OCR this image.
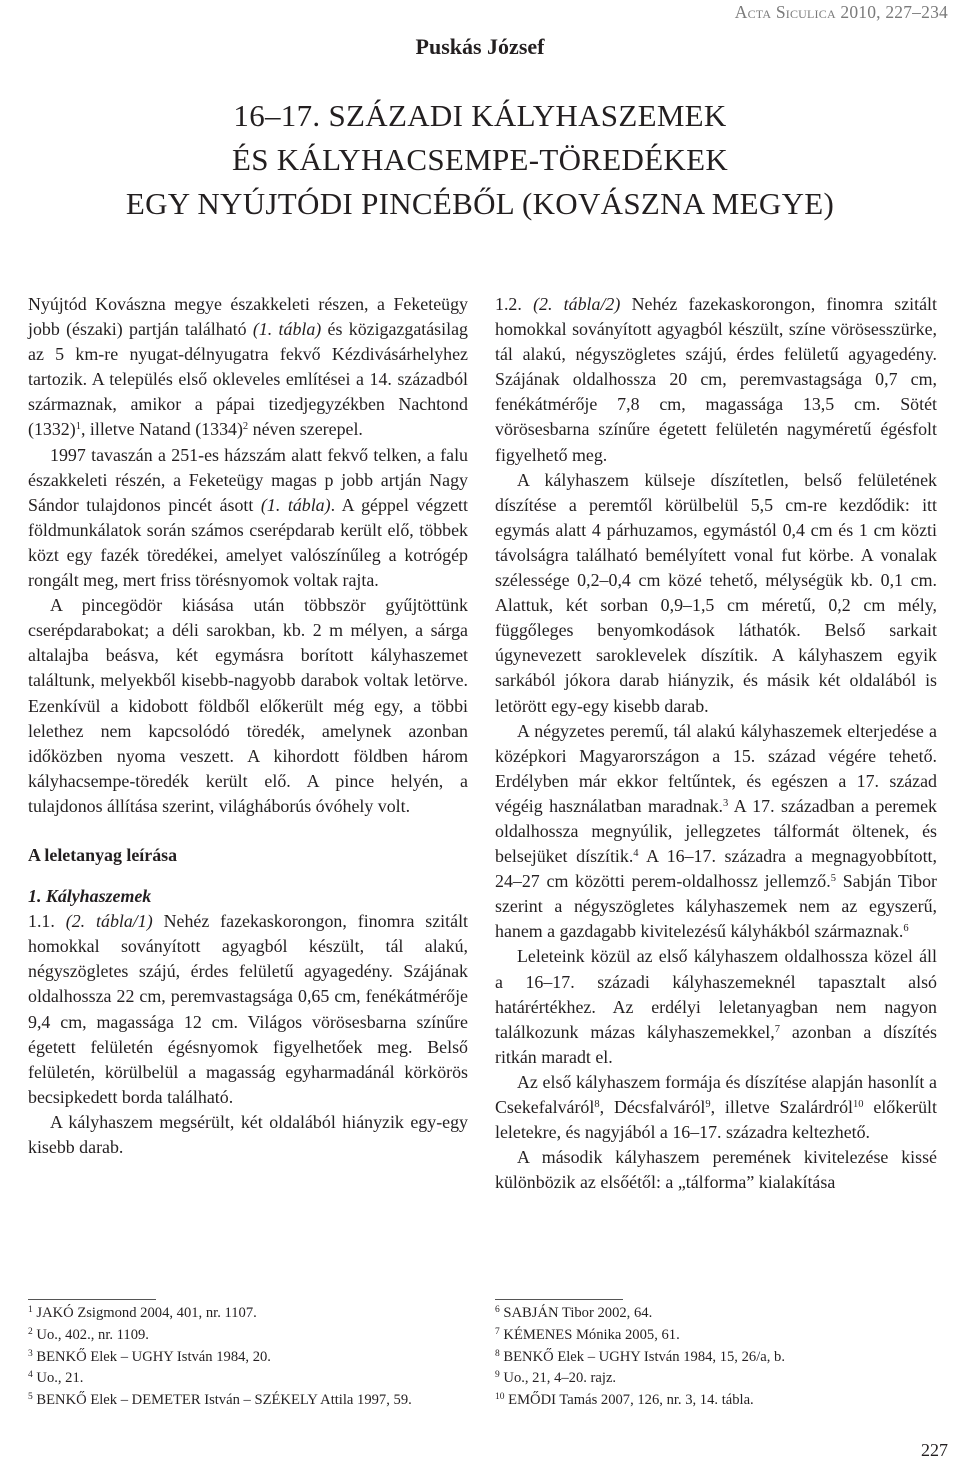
Acta Siculica 2010, 227–234
Puskás József
16–17. SZÁZADI KÁLYHASZEMEK
ÉS KÁLYHACSEMPE-TÖREDÉKEK
EGY NYÚJTÓDI PINCÉBŐL (KOVÁSZNA MEGYE)

Nyújtód Kovászna megye északkeleti részen, a Feketeügy jobb (északi) partján található (1. tábla) és közigazgatásilag az 5 km-re nyugat-délnyugatra fekvő Kézdivásárhelyhez tartozik. A település első okleveles említései a 14. századból származnak, amikor a pápai tizedjegyzékben Nachtond $(1332)^1$, illetve Natand $(1334)^2$ néven szerepel.

1997 tavaszán a 251-es házszám alatt fekvő telken, a falu északkeleti részén, a Feketeügy magas p jobb artján Nagy Sándor tulajdonos pincét ásott (1. tábla). A géppel végzett földmunkálatok során számos cserépdarab került elő, többek közt egy fazék töredékei, amelyet valószínűleg a kotrógép rongált meg, mert friss törésnyomok voltak rajta.

A pincegödör kiásása után többször gyűjtöttünk cserépdarabokat; a déli sarokban, kb. 2 m mélyen, a sárga altalajba beásva, két egymásra borított kályhaszemet találtunk, melyekből kisebb-nagyobb darabok voltak letörve. Ezenkívül a kidobott földből előkerült még egy, a többi lelethez nem kapcsolódó töredék, amelynek azonban időközben nyoma veszett. A kihordott földben három kályhacsempe-töredék került elő. A pince helyén, a tulajdonos állítása szerint, világháborús óvóhely volt.

A leletanyag leírása

1. Kályhaszemek

1.1. (2. tábla/1) Nehéz fazekaskorongon, finomra szitált homokkal soványított agyagból készült, tál alakú, négyszögletes szájú, érdes felületű agyagedény. Szájának oldalhossza 22 cm, peremvastagsága 0,65 cm, fenékátmérője 9,4 cm, magassága 12 cm. Világos vörösesbarna színűre égetett felületén égésnyomok figyelhetőek meg. Belső felületén, körülbelül a magasság egyharmadánál körkörös becsipkedett borda található.

A kályhaszem megsérült, két oldalából hiányzik egy-egy kisebb darab.

1.2. (2. tábla/2) Nehéz fazekaskorongon, finomra szitált homokkal soványított agyagból készült, színe vörösesszürke, tál alakú, négyszögletes szájú, érdes felületű agyagedény. Szájának oldalhossza 20 cm, peremvastagsága 0,7 cm, fenékátmérője 7,8 cm, magassága 13,5 cm. Sötét vörösesbarna színűre égetett felületén nagyméretű égésfolt figyelhető meg.

A kályhaszem külseje díszítetlen, belső felületének díszítése a peremtől körülbelül 5,5 cm-re kezdődik: itt egymás alatt 4 párhuzamos, egymástól 0,4 cm és 1 cm közti távolságra található bemélyített vonal fut körbe. A vonalak szélessége 0,2–0,4 cm közé tehető, mélységük kb. 0,1 cm. Alattuk, két sorban 0,9–1,5 cm méretű, 0,2 cm mély, függőleges benyomkodások láthatók. Belső sarkait úgynevezett saroklevelek díszítik. A kályhaszem egyik sarkából jókora darab hiányzik, és másik két oldalából is letörött egy-egy kisebb darab.

A négyzetes peremű, tál alakú kályhaszemek elterjedése a középkori Magyarországon a 15. század végére tehető. Erdélyben már ekkor feltűntek, és egészen a 17. század végéig használatban maradnak.$^3$ A 17. században a peremek oldalhossza megnyúlik, jellegzetes tálformát öltenek, és belsejüket díszítik.$^4$ A 16–17. századra a megnagyobbított, 24–27 cm közötti perem-oldalhossz jellemző.$^5$ Sabján Tibor szerint a négyszögletes kályhaszemek nem az egyszerű, hanem a gazdagabb kivitelezésű kályhákból származnak.$^6$

Leleteink közül az első kályhaszem oldalhossza közel áll a 16–17. századi kályhaszemeknél tapasztalt alsó határértékhez. Az erdélyi leletanyagban nem nagyon találkozunk mázas kályhaszemekkel,$^7$ azonban a díszítés ritkán maradt el.

Az első kályhaszem formája és díszítése alapján hasonlít a Csekefalváról$^8$, Décsfalváról$^9$, illetve Szalárdról$^{10}$ előkerült leletekre, és nagyjából a 16–17. századra keltezhető.

A második kályhaszem peremének kivitelezése kissé különbözik az elsőétől: a „tálforma” kialakítása

$^1$ JAKÓ Zsigmond 2004, 401, nr. 1107.
$^2$ Uo., 402., nr. 1109.
$^3$ BENKŐ Elek – UGHY István 1984, 20.
$^4$ Uo., 21.
$^5$ BENKŐ Elek – DEMETER István – SZÉKELY Attila 1997, 59.
$^6$ SABJÁN Tibor 2002, 64.
$^7$ KÉMENES Mónika 2005, 61.
$^8$ BENKŐ Elek – UGHY István 1984, 15, 26/a, b.
$^9$ Uo., 21, 4–20. rajz.
$^{10}$ EMŐDI Tamás 2007, 126, nr. 3, 14. tábla.
227
